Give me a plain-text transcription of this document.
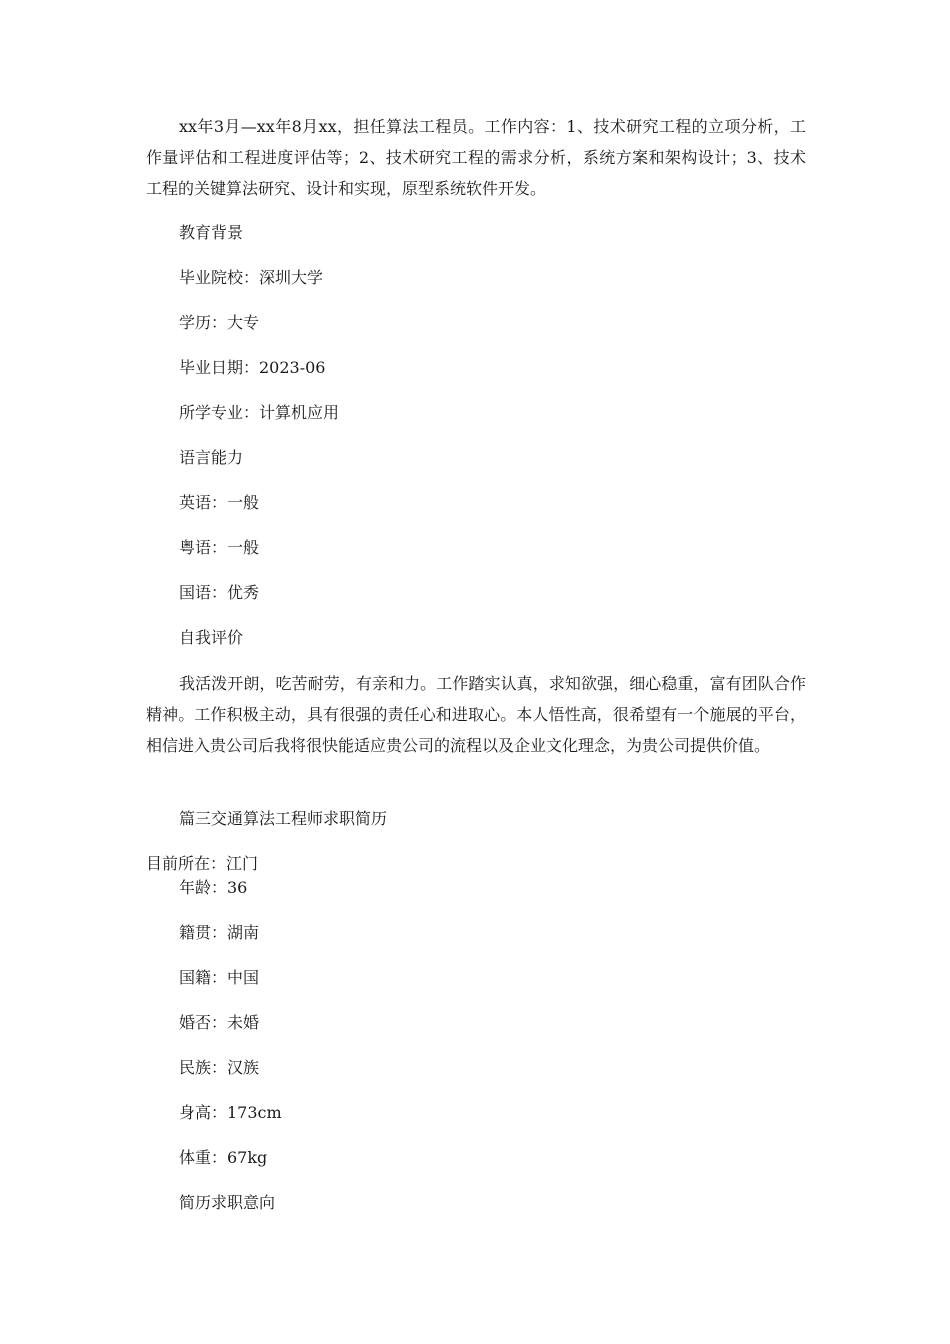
xx年3月—xx年8月xx，担任算法工程员。工作内容：1、技术研究工程的立项分析，工作量评估和工程进度评估等；2、技术研究工程的需求分析，系统方案和架构设计；3、技术工程的关键算法研究、设计和实现，原型系统软件开发。

教育背景

毕业院校：深圳大学

学历：大专

毕业日期：2023-06

所学专业：计算机应用

语言能力

英语：一般

粤语：一般

国语：优秀

自我评价

我活泼开朗，吃苦耐劳，有亲和力。工作踏实认真，求知欲强，细心稳重，富有团队合作精神。工作积极主动，具有很强的责任心和进取心。本人悟性高，很希望有一个施展的平台，相信进入贵公司后我将很快能适应贵公司的流程以及企业文化理念，为贵公司提供价值。

篇三交通算法工程师求职简历

目前所在：江门

年龄：36

籍贯：湖南

国籍：中国

婚否：未婚

民族：汉族

身高：173cm

体重：67kg

简历求职意向
